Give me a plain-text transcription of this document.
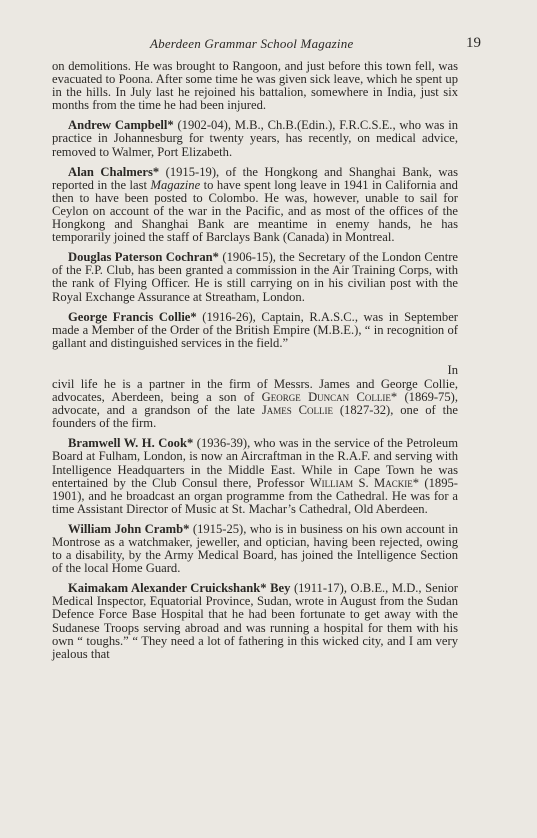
Aberdeen Grammar School Magazine	19

on demolitions. He was brought to Rangoon, and just before this town fell, was evacuated to Poona. After some time he was given sick leave, which he spent up in the hills. In July last he rejoined his battalion, somewhere in India, just six months from the time he had been injured.

Andrew Campbell* (1902-04), M.B., Ch.B.(Edin.), F.R.C.S.E., who was in practice in Johannesburg for twenty years, has recently, on medical advice, removed to Walmer, Port Elizabeth.

Alan Chalmers* (1915-19), of the Hongkong and Shanghai Bank, was reported in the last Magazine to have spent long leave in 1941 in California and then to have been posted to Colombo. He was, however, unable to sail for Ceylon on account of the war in the Pacific, and as most of the offices of the Hongkong and Shanghai Bank are meantime in enemy hands, he has temporarily joined the staff of Barclays Bank (Canada) in Montreal.

Douglas Paterson Cochran* (1906-15), the Secretary of the London Centre of the F.P. Club, has been granted a commission in the Air Training Corps, with the rank of Flying Officer. He is still carrying on in his civilian post with the Royal Exchange Assurance at Streatham, London.

George Francis Collie* (1916-26), Captain, R.A.S.C., was in September made a Member of the Order of the British Empire (M.B.E.), “ in recognition of gallant and distinguished services in the field.”

In

civil life he is a partner in the firm of Messrs. James and George Collie, advocates, Aberdeen, being a son of George Duncan Collie* (1869-75), advocate, and a grandson of the late James Collie (1827-32), one of the founders of the firm.

Bramwell W. H. Cook* (1936-39), who was in the service of the Petroleum Board at Fulham, London, is now an Aircraftman in the R.A.F. and serving with Intelligence Headquarters in the Middle East. While in Cape Town he was entertained by the Club Consul there, Professor William S. Mackie* (1895-1901), and he broadcast an organ programme from the Cathedral. He was for a time Assistant Director of Music at St. Machar’s Cathedral, Old Aberdeen.

William John Cramb* (1915-25), who is in business on his own account in Montrose as a watchmaker, jeweller, and optician, having been rejected, owing to a disability, by the Army Medical Board, has joined the Intelligence Section of the local Home Guard.

Kaimakam Alexander Cruickshank* Bey (1911-17), O.B.E., M.D., Senior Medical Inspector, Equatorial Province, Sudan, wrote in August from the Sudan Defence Force Base Hospital that he had been fortunate to get away with the Sudanese Troops serving abroad and was running a hospital for them with his own “ toughs.” “ They need a lot of fathering in this wicked city, and I am very jealous that
